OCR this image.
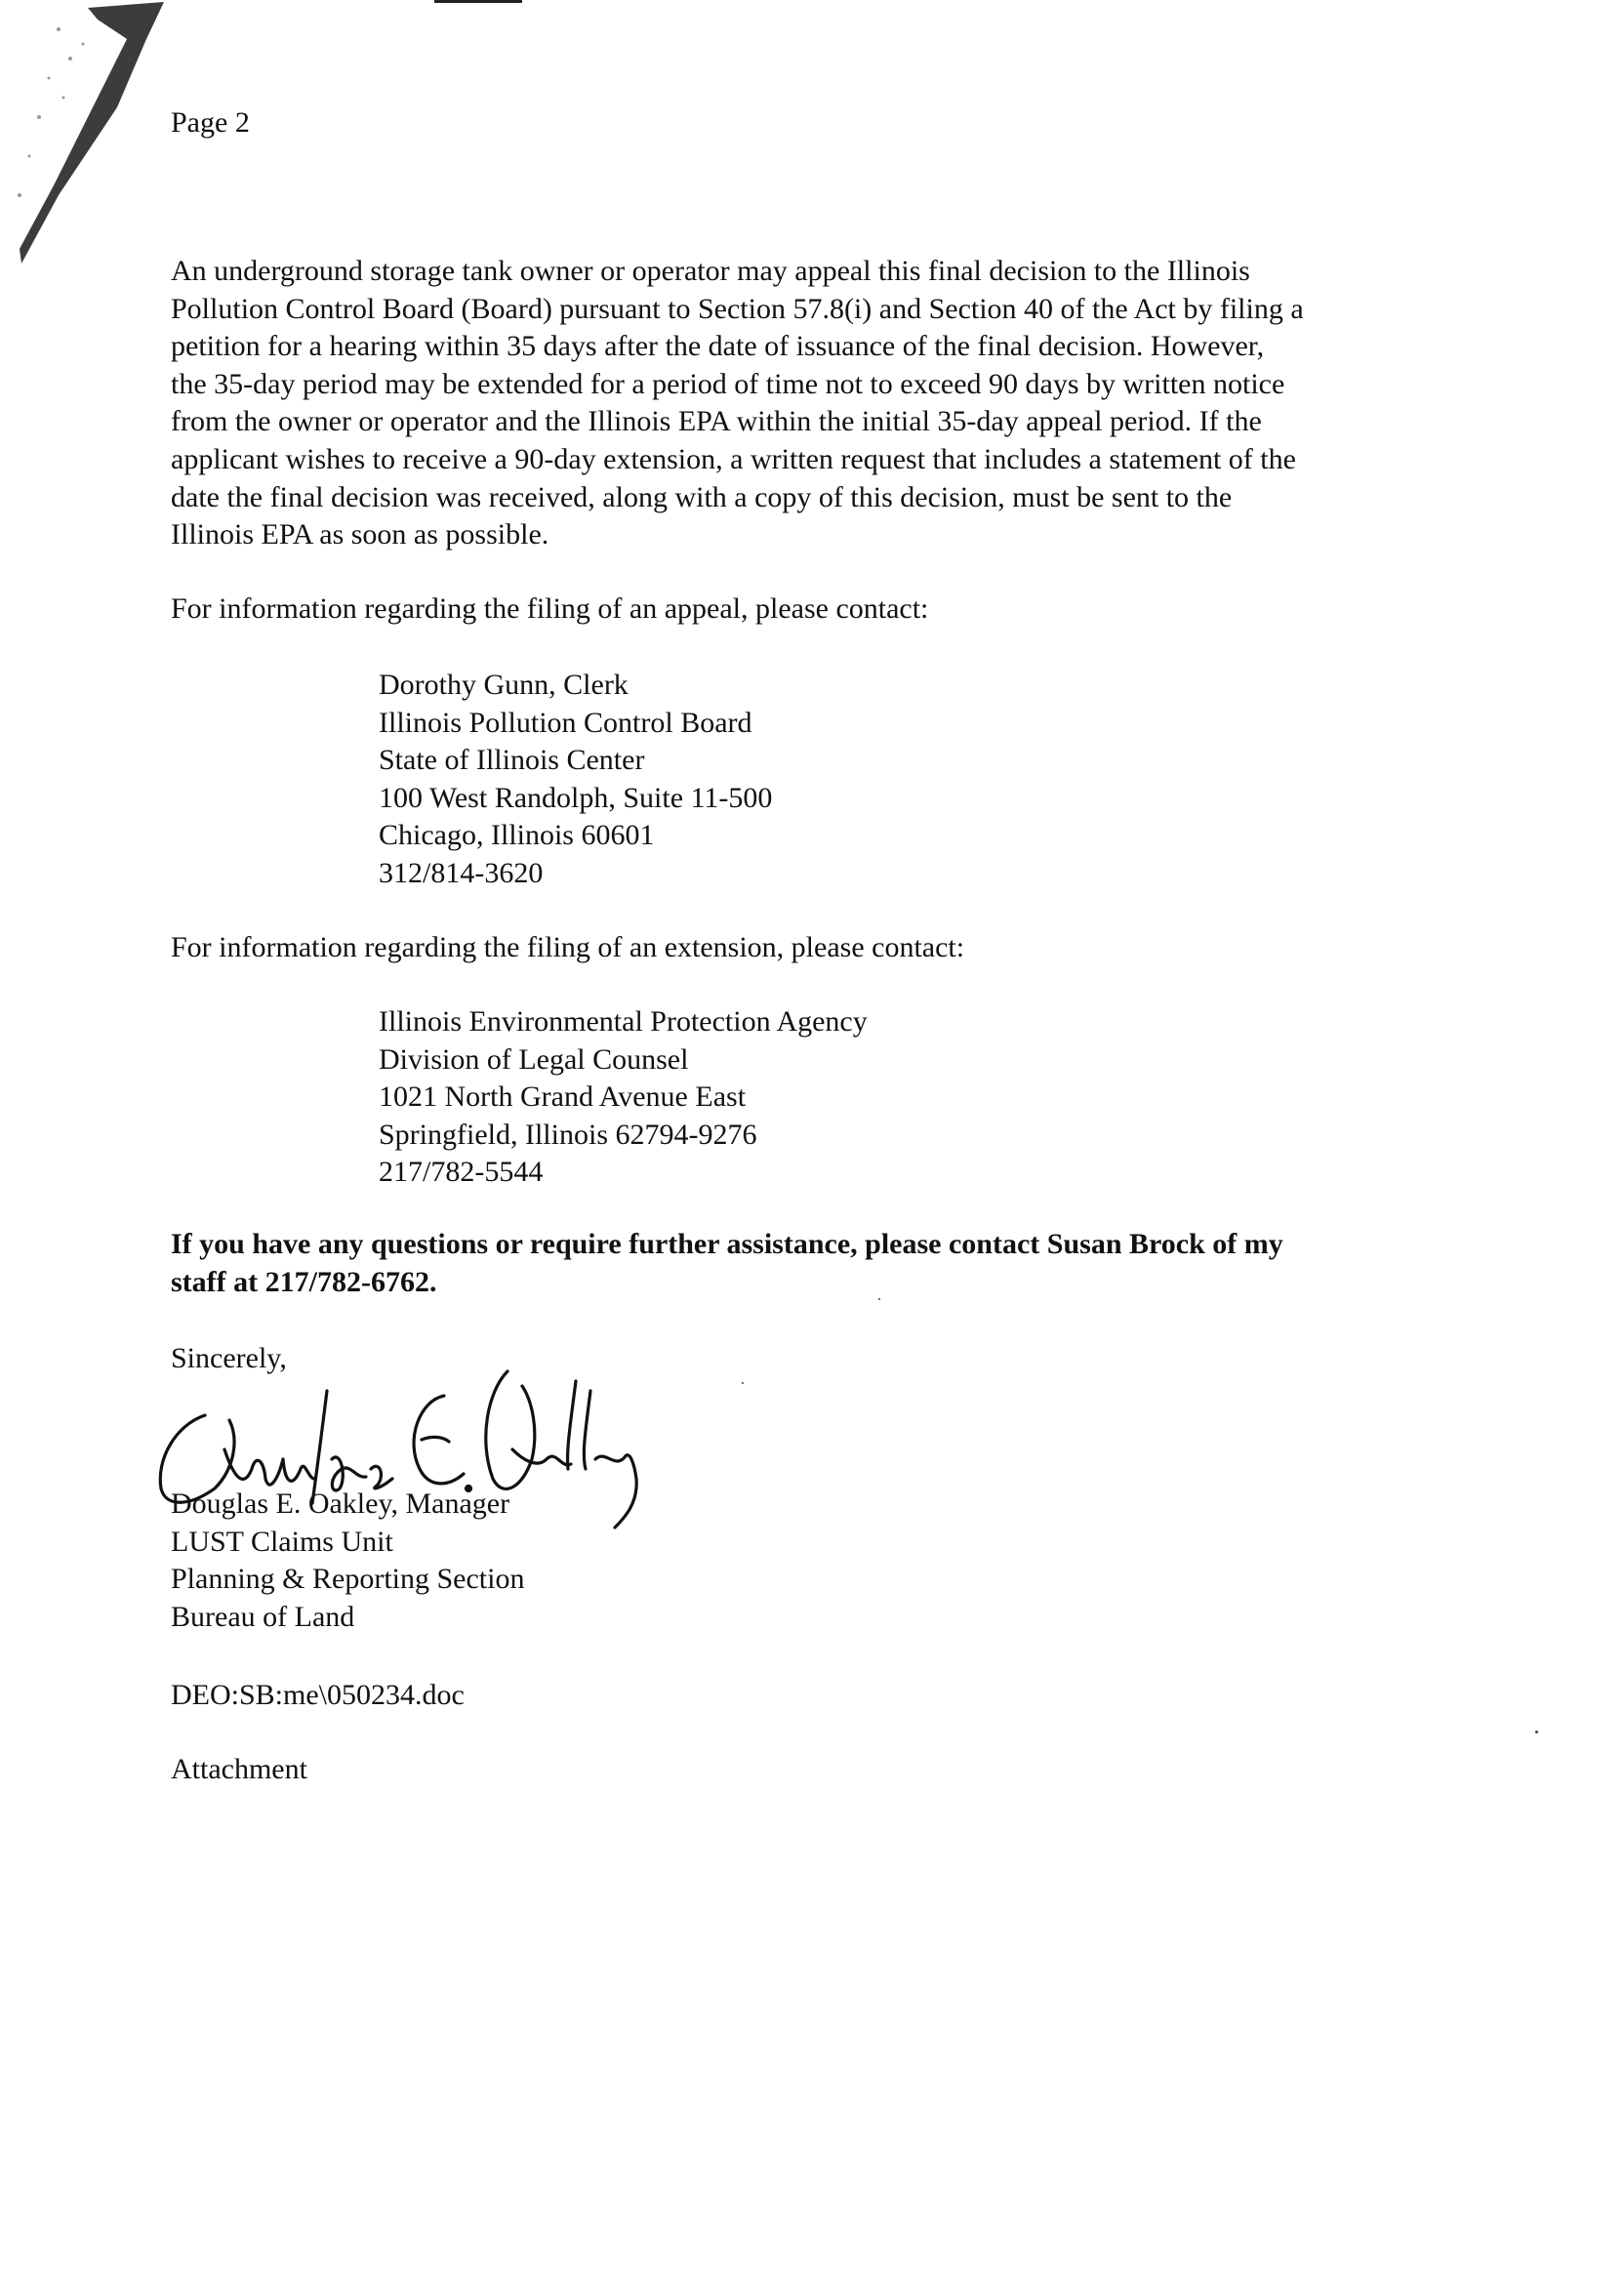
Page 2
An underground storage tank owner or operator may appeal this final decision to the Illinois
Pollution Control Board (Board) pursuant to Section 57.8(i) and Section 40 of the Act by filing a
petition for a hearing within 35 days after the date of issuance of the final decision. However,
the 35-day period may be extended for a period of time not to exceed 90 days by written notice
from the owner or operator and the Illinois EPA within the initial 35-day appeal period. If the
applicant wishes to receive a 90-day extension, a written request that includes a statement of the
date the final decision was received, along with a copy of this decision, must be sent to the
Illinois EPA as soon as possible.
For information regarding the filing of an appeal, please contact:
Dorothy Gunn, Clerk
Illinois Pollution Control Board
State of Illinois Center
100 West Randolph, Suite 11-500
Chicago, Illinois 60601
312/814-3620
For information regarding the filing of an extension, please contact:
Illinois Environmental Protection Agency
Division of Legal Counsel
1021 North Grand Avenue East
Springfield, Illinois 62794-9276
217/782-5544
If you have any questions or require further assistance, please contact Susan Brock of my
staff at 217/782-6762.
Sincerely,
Douglas E. Oakley, Manager
LUST Claims Unit
Planning & Reporting Section
Bureau of Land
DEO:SB:me\050234.doc
Attachment
